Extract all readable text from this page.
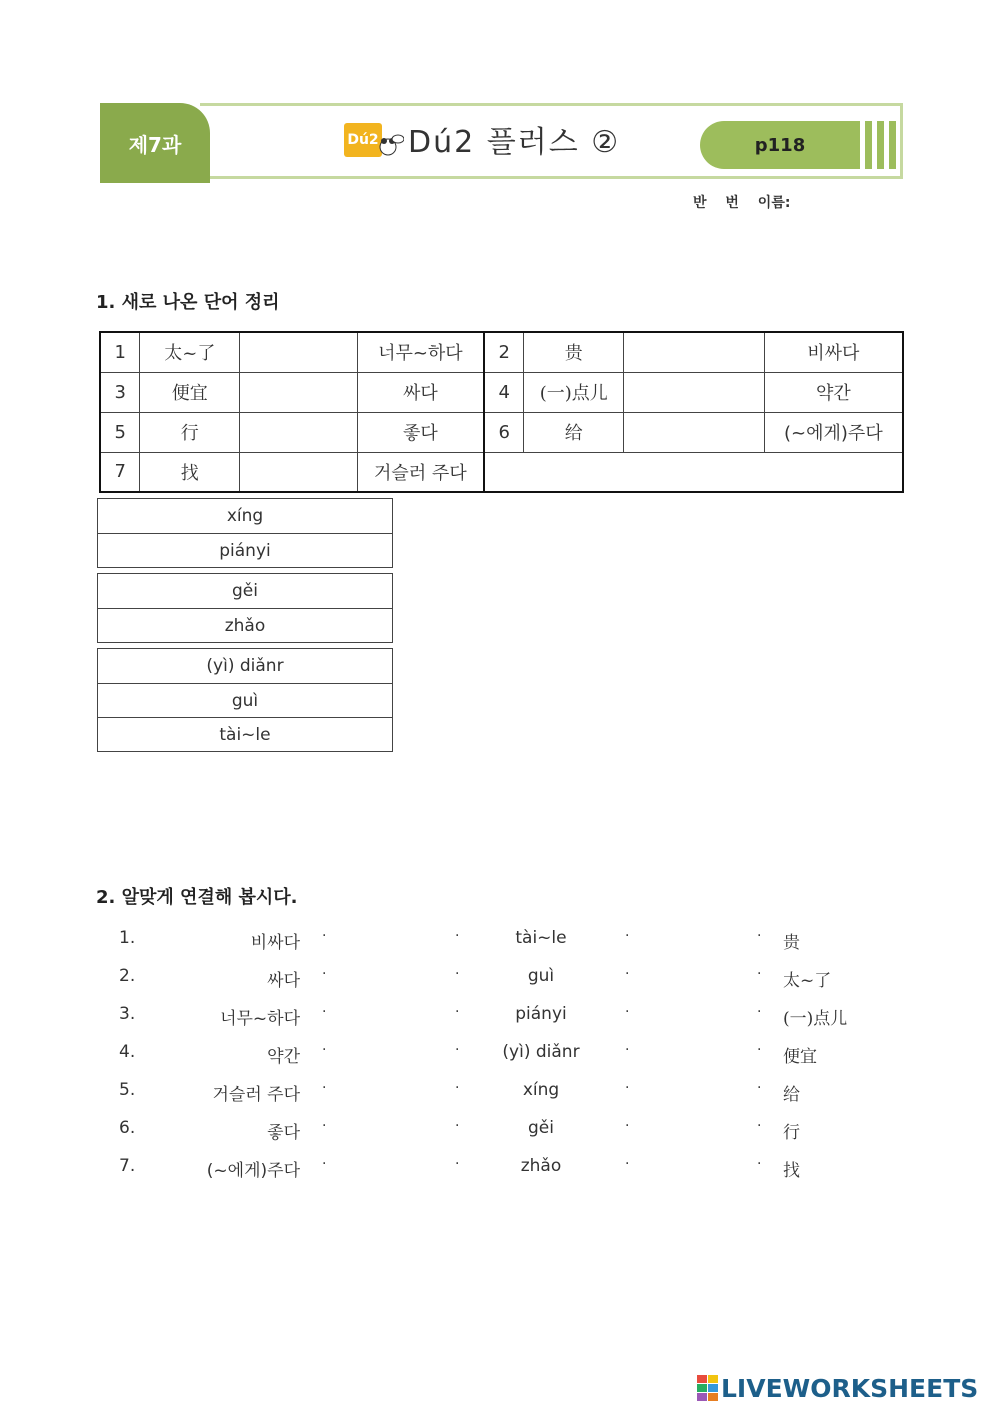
제7과	Dú2 Dú2 플러스 ②	p118
반 번 이름:
1. 새로 나온 단어 정리
1	太~了		너무~하다	2	贵		비싸다
3	便宜		싸다	4	(一)点儿		약간
5	行		좋다	6	给		(~에게)주다
7	找		거슬러 주다				
xíng
piányi
gěi
zhǎo
(yì) diǎnr
guì
tài~le
2. 알맞게 연결해 봅시다.
1.	비싸다 ·	·	tài~le	·	· 贵
2.	싸다 ·	·	guì	·	· 太~了
3.	너무~하다 ·	·	piányi	·	· (一)点儿
4.	약간 ·	·	(yì) diǎnr	·	· 便宜
5.	거슬러 주다 ·	·	xíng	·	· 给
6.	좋다 ·	·	gěi	·	· 行
7.	(~에게)주다 ·	·	zhǎo	·	· 找
LIVEWORKSHEETS
